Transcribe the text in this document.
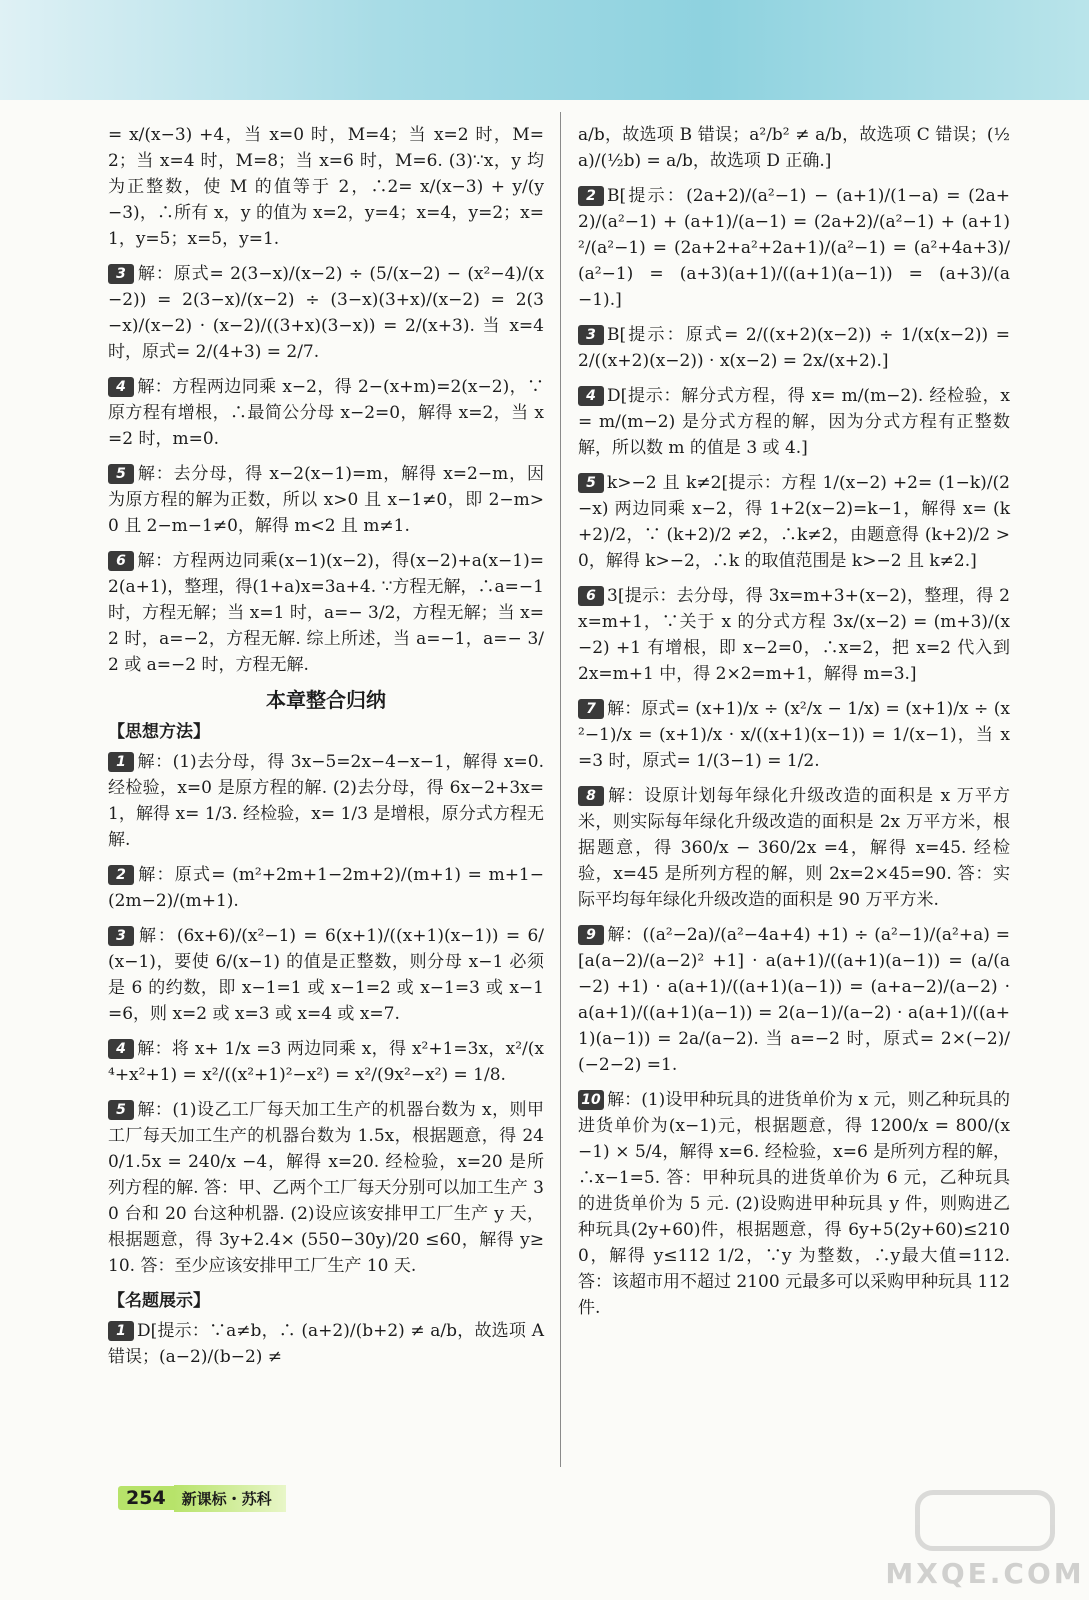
= x/(x−3) +4，当 x=0 时，M=4；当 x=2 时，M=2；当 x=4 时，M=8；当 x=6 时，M=6. (3)∵x，y 均为正整数，使 M 的值等于 2，∴2= x/(x−3) + y/(y−3)，∴所有 x，y 的值为 x=2，y=4；x=4，y=2；x=1，y=5；x=5，y=1.

3 解：原式= 2(3−x)/(x−2) ÷ (5/(x−2) − (x²−4)/(x−2)) = 2(3−x)/(x−2) ÷ (3−x)(3+x)/(x−2) = 2(3−x)/(x−2) · (x−2)/((3+x)(3−x)) = 2/(x+3). 当 x=4 时，原式= 2/(4+3) = 2/7.

4 解：方程两边同乘 x−2，得 2−(x+m)=2(x−2)，∵原方程有增根，∴最简公分母 x−2=0，解得 x=2，当 x=2 时，m=0.

5 解：去分母，得 x−2(x−1)=m，解得 x=2−m，因为原方程的解为正数，所以 x>0 且 x−1≠0，即 2−m>0 且 2−m−1≠0，解得 m<2 且 m≠1.

6 解：方程两边同乘(x−1)(x−2)，得(x−2)+a(x−1)=2(a+1)，整理，得(1+a)x=3a+4. ∵方程无解，∴a=−1 时，方程无解；当 x=1 时，a=− 3/2，方程无解；当 x=2 时，a=−2，方程无解. 综上所述，当 a=−1，a=− 3/2 或 a=−2 时，方程无解.

本章整合归纳
【思想方法】

1 解：(1)去分母，得 3x−5=2x−4−x−1，解得 x=0. 经检验，x=0 是原方程的解. (2)去分母，得 6x−2+3x=1，解得 x= 1/3. 经检验，x= 1/3 是增根，原分式方程无解.

2 解：原式= (m²+2m+1−2m+2)/(m+1) = m+1− (2m−2)/(m+1).

3 解：(6x+6)/(x²−1) = 6(x+1)/((x+1)(x−1)) = 6/(x−1)，要使 6/(x−1) 的值是正整数，则分母 x−1 必须是 6 的约数，即 x−1=1 或 x−1=2 或 x−1=3 或 x−1=6，则 x=2 或 x=3 或 x=4 或 x=7.

4 解：将 x+ 1/x =3 两边同乘 x，得 x²+1=3x，x²/(x⁴+x²+1) = x²/((x²+1)²−x²) = x²/(9x²−x²) = 1/8.

5 解：(1)设乙工厂每天加工生产的机器台数为 x，则甲工厂每天加工生产的机器台数为 1.5x，根据题意，得 240/1.5x = 240/x −4，解得 x=20. 经检验，x=20 是所列方程的解. 答：甲、乙两个工厂每天分别可以加工生产 30 台和 20 台这种机器. (2)设应该安排甲工厂生产 y 天，根据题意，得 3y+2.4× (550−30y)/20 ≤60，解得 y≥10. 答：至少应该安排甲工厂生产 10 天.

【名题展示】

1 D[提示：∵a≠b，∴ (a+2)/(b+2) ≠ a/b，故选项 A 错误；(a−2)/(b−2) ≠

a/b，故选项 B 错误；a²/b² ≠ a/b，故选项 C 错误；(½a)/(½b) = a/b，故选项 D 正确.]

2 B[提示：(2a+2)/(a²−1) − (a+1)/(1−a) = (2a+2)/(a²−1) + (a+1)/(a−1) = (2a+2)/(a²−1) + (a+1)²/(a²−1) = (2a+2+a²+2a+1)/(a²−1) = (a²+4a+3)/(a²−1) = (a+3)(a+1)/((a+1)(a−1)) = (a+3)/(a−1).]

3 B[提示：原式= 2/((x+2)(x−2)) ÷ 1/(x(x−2)) = 2/((x+2)(x−2)) · x(x−2) = 2x/(x+2).]

4 D[提示：解分式方程，得 x= m/(m−2). 经检验，x= m/(m−2) 是分式方程的解，因为分式方程有正整数解，所以数 m 的值是 3 或 4.]

5 k>−2 且 k≠2[提示：方程 1/(x−2) +2= (1−k)/(2−x) 两边同乘 x−2，得 1+2(x−2)=k−1，解得 x= (k+2)/2，∵ (k+2)/2 ≠2，∴k≠2，由题意得 (k+2)/2 >0，解得 k>−2，∴k 的取值范围是 k>−2 且 k≠2.]

6 3[提示：去分母，得 3x=m+3+(x−2)，整理，得 2x=m+1，∵关于 x 的分式方程 3x/(x−2) = (m+3)/(x−2) +1 有增根，即 x−2=0，∴x=2，把 x=2 代入到 2x=m+1 中，得 2×2=m+1，解得 m=3.]

7 解：原式= (x+1)/x ÷ (x²/x − 1/x) = (x+1)/x ÷ (x²−1)/x = (x+1)/x · x/((x+1)(x−1)) = 1/(x−1)，当 x=3 时，原式= 1/(3−1) = 1/2.

8 解：设原计划每年绿化升级改造的面积是 x 万平方米，则实际每年绿化升级改造的面积是 2x 万平方米，根据题意，得 360/x − 360/2x =4，解得 x=45. 经检验，x=45 是所列方程的解，则 2x=2×45=90. 答：实际平均每年绿化升级改造的面积是 90 万平方米.

9 解：((a²−2a)/(a²−4a+4) +1) ÷ (a²−1)/(a²+a) = [a(a−2)/(a−2)² +1] · a(a+1)/((a+1)(a−1)) = (a/(a−2) +1) · a(a+1)/((a+1)(a−1)) = (a+a−2)/(a−2) · a(a+1)/((a+1)(a−1)) = 2(a−1)/(a−2) · a(a+1)/((a+1)(a−1)) = 2a/(a−2). 当 a=−2 时，原式= 2×(−2)/(−2−2) =1.

10 解：(1)设甲种玩具的进货单价为 x 元，则乙种玩具的进货单价为(x−1)元，根据题意，得 1200/x = 800/(x−1) × 5/4，解得 x=6. 经检验，x=6 是所列方程的解，∴x−1=5. 答：甲种玩具的进货单价为 6 元，乙种玩具的进货单价为 5 元. (2)设购进甲种玩具 y 件，则购进乙种玩具(2y+60)件，根据题意，得 6y+5(2y+60)≤2100，解得 y≤112 1/2，∵y 为整数，∴y最大值=112. 答：该超市用不超过 2100 元最多可以采购甲种玩具 112 件.

254	新课标・苏科
MXQE.COM
